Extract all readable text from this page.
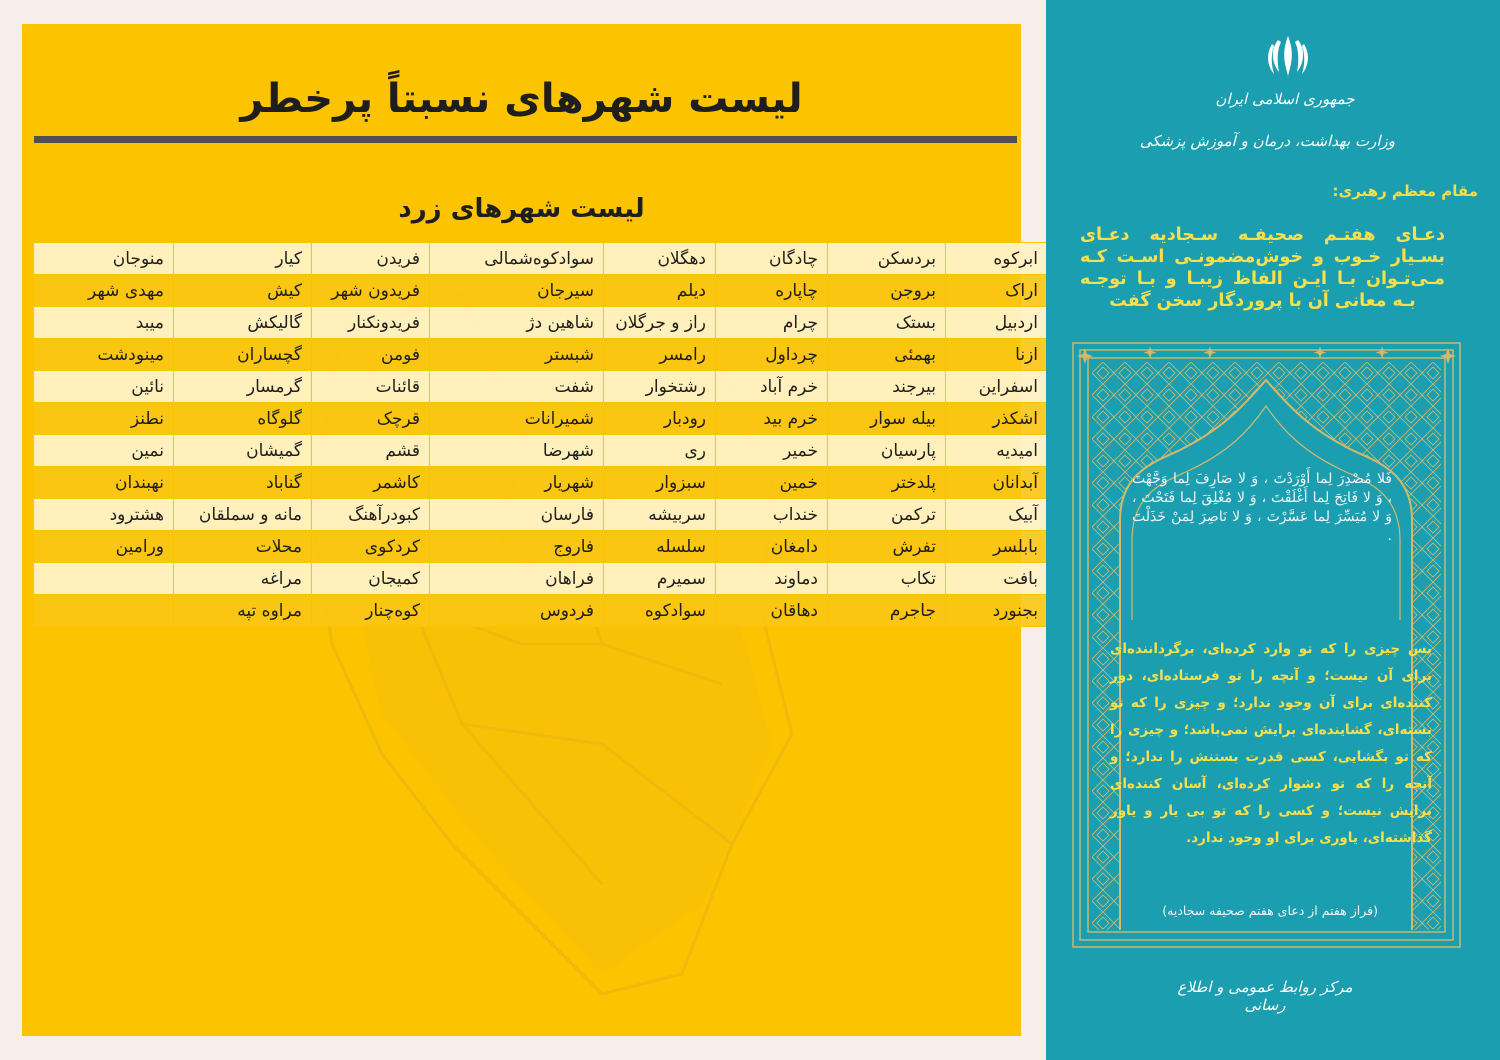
لیست شهرهای نسبتاً پرخطر
لیست شهرهای زرد
ابرکوه	بردسکن	چادگان	دهگلان	سوادکوه‌شمالی	فریدن	کیار	منوجان
اراک	بروجن	چاپاره	دیلم	سیرجان	فریدون شهر	کیش	مهدی شهر
اردبیل	بستک	چرام	راز و جرگلان	شاهین دژ	فریدونکنار	گالیکش	میبد
ازنا	بهمئی	چرداول	رامسر	شبستر	فومن	گچساران	مینودشت
اسفراین	بیرجند	خرم آباد	رشتخوار	شفت	قائنات	گرمسار	نائین
اشکذر	بیله سوار	خرم بید	رودبار	شمیرانات	قرچک	گلوگاه	نطنز
امیدیه	پارسیان	خمیر	ری	شهرضا	قشم	گمیشان	نمین
آبدانان	پلدختر	خمین	سبزوار	شهریار	کاشمر	گناباد	نهبندان
آبیک	ترکمن	خنداب	سربیشه	فارسان	کبودرآهنگ	مانه و سملقان	هشترود
بابلسر	تفرش	دامغان	سلسله	فاروج	کردکوی	محلات	ورامین
بافت	تکاب	دماوند	سمیرم	فراهان	کمیجان	مراغه	
بجنورد	جاجرم	دهاقان	سوادکوه	فردوس	کوه‌چنار	مراوه تپه	
جمهوری اسلامی ایران
وزارت بهداشت، درمان و آموزش پزشکی
مقام معظم رهبری:
دعـای هفتـم صحیفـه سـجادیه دعـای بسـیار خـوب و خوش‌مضمونـی اسـت کـه مـی‌تـوان بـا ایـن الفاظ زیبـا و بـا توجـه بـه معانی آن با پروردگار سخن گفت
فَلا مُصْدِرَ لِما أَوْرَدْتَ ، وَ لا صَارِفَ لِما وَجَّهْتَ ، وَ لا فَاتِحَ لِما أَغْلَقْتَ ، وَ لا مُغْلِقَ لِما فَتَحْتَ ، وَ لا مُيَسِّرَ لِما عَسَّرْتَ ، وَ لا نَاصِرَ لِمَنْ خَذَلْتَ .
پس چیزی را که تو وارد کرده‌ای، برگرداننده‌ای برای آن نیست؛ و آنچه را تو فرستاده‌ای، دور کننده‌ای برای آن وجود ندارد؛ و چیزی را که تو بسته‌ای، گشاینده‌ای برایش نمی‌باشد؛ و چیزی را که تو بگشایی، کسی قدرت بستنش را ندارد؛ و آنچه را که تو دشوار کرده‌ای، آسان کننده‌ای برایش نیست؛ و کسی را که تو بی یار و یاور گذاشته‌ای، یاوری برای او وجود ندارد.
(فراز هفتم از دعای هفتم صحیفه سجادیه)
مرکز روابط عمومی و اطلاع رسانی
